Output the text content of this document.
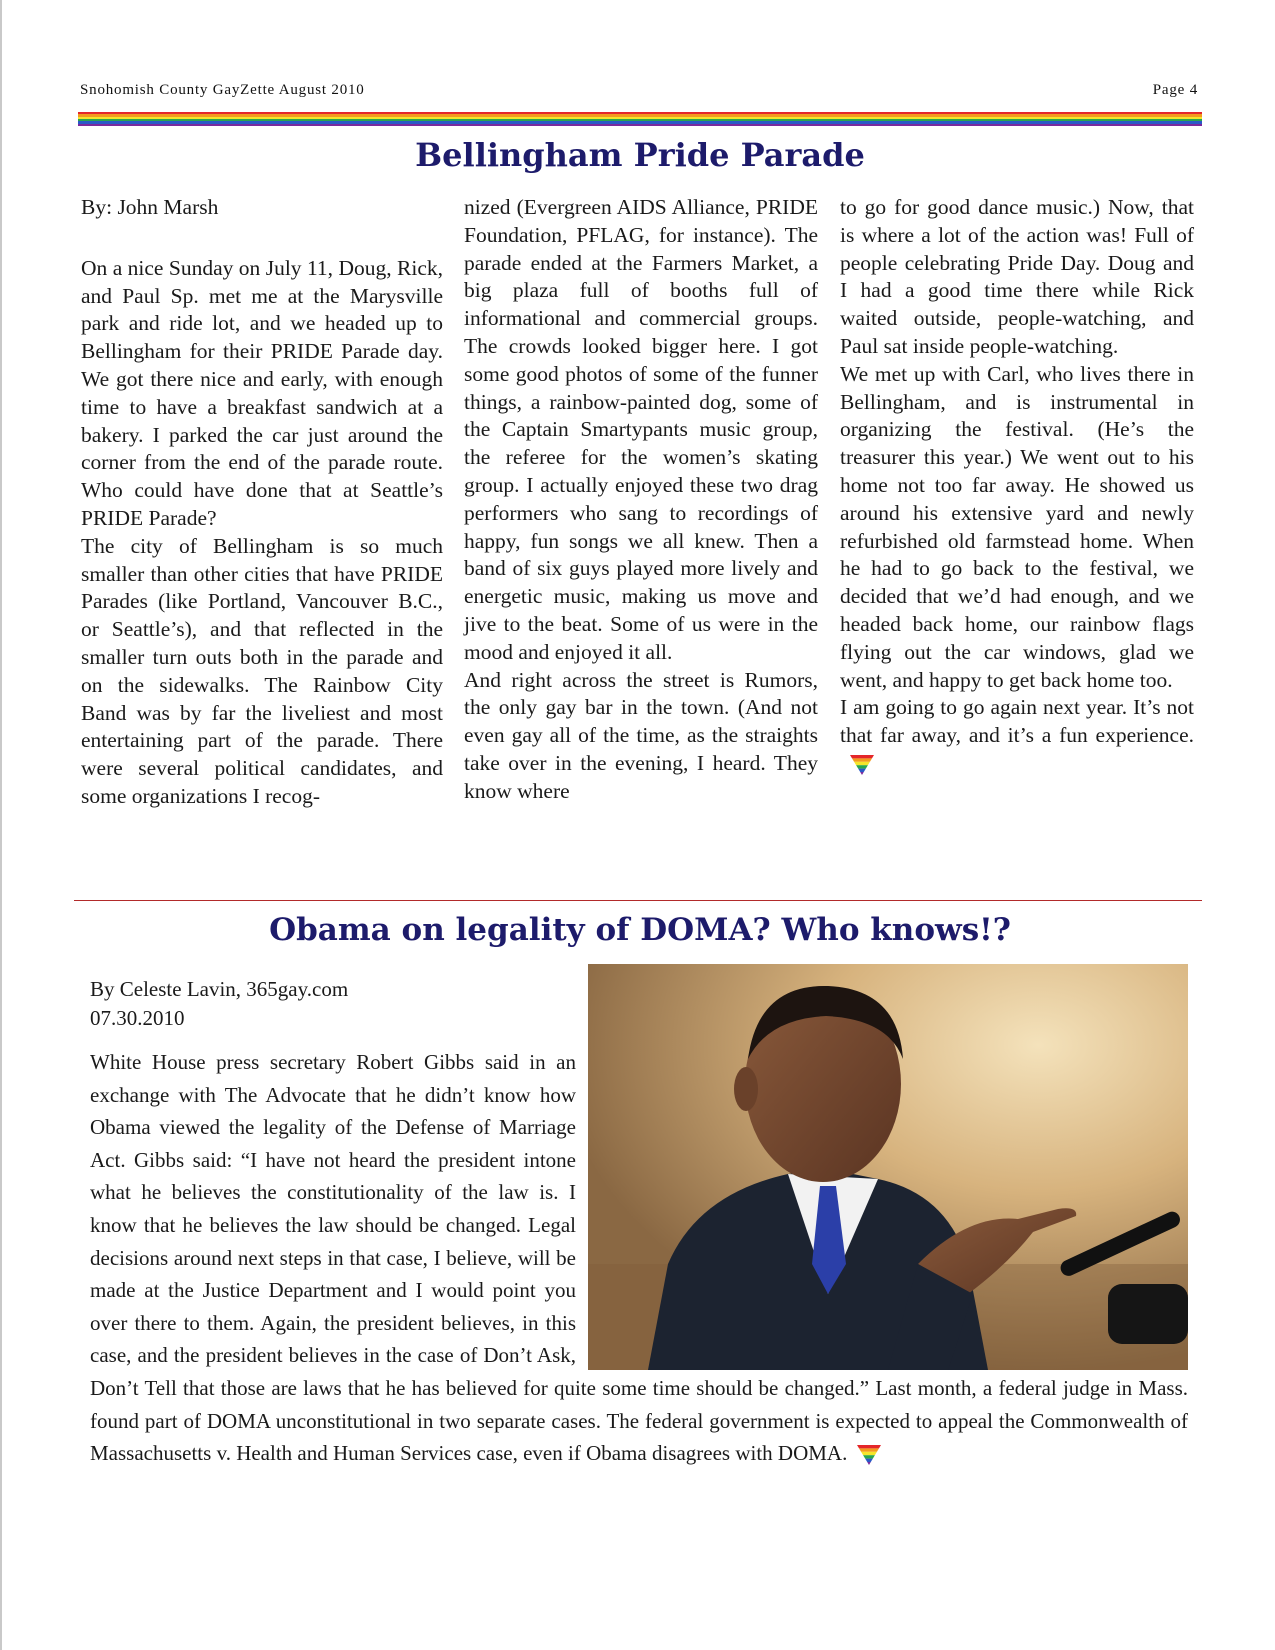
Snohomish County GayZette August 2010	Page 4
Bellingham Pride Parade

By: John Marsh

On a nice Sunday on July 11, Doug, Rick, and Paul Sp. met me at the Marysville park and ride lot, and we headed up to Bellingham for their PRIDE Parade day. We got there nice and early, with enough time to have a breakfast sandwich at a bakery. I parked the car just around the corner from the end of the parade route. Who could have done that at Seattle’s PRIDE Parade?

The city of Bellingham is so much smaller than other cities that have PRIDE Parades (like Portland, Vancouver B.C., or Seattle’s), and that reflected in the smaller turn outs both in the parade and on the sidewalks. The Rainbow City Band was by far the liveliest and most entertaining part of the parade. There were several political candidates, and some organizations I recog-

nized (Evergreen AIDS Alliance, PRIDE Foundation, PFLAG, for instance). The parade ended at the Farmers Market, a big plaza full of booths full of informational and commercial groups. The crowds looked bigger here. I got some good photos of some of the funner things, a rainbow-painted dog, some of the Captain Smartypants music group, the referee for the women’s skating group. I actually enjoyed these two drag performers who sang to recordings of happy, fun songs we all knew. Then a band of six guys played more lively and energetic music, making us move and jive to the beat. Some of us were in the mood and enjoyed it all.

And right across the street is Rumors, the only gay bar in the town. (And not even gay all of the time, as the straights take over in the evening, I heard. They know where

to go for good dance music.) Now, that is where a lot of the action was! Full of people celebrating Pride Day. Doug and I had a good time there while Rick waited outside, people-watching, and Paul sat inside people-watching.

We met up with Carl, who lives there in Bellingham, and is instrumental in organizing the festival. (He’s the treasurer this year.) We went out to his home not too far away. He showed us around his extensive yard and newly refurbished old farmstead home. When he had to go back to the festival, we decided that we’d had enough, and we headed back home, our rainbow flags flying out the car windows, glad we went, and happy to get back home too.

I am going to go again next year. It’s not that far away, and it’s a fun experience.

Obama on legality of DOMA? Who knows!?
By Celeste Lavin, 365gay.com
07.30.2010

White House press secretary Robert Gibbs said in an exchange with The Advocate that he didn’t know how Obama viewed the legality of the Defense of Marriage Act. Gibbs said: “I have not heard the president intone what he believes the constitutionality of the law is. I know that he believes the law should be changed. Legal decisions around next steps in that case, I believe, will be made at the Justice Department and I would point you over there to them. Again, the president believes, in this case, and the president believes in the case of Don’t Ask, Don’t Tell that those are laws that he has believed for quite some time should be changed.” Last month, a federal judge in Mass. found part of DOMA unconstitutional in two separate cases. The federal government is expected to appeal the Commonwealth of Massachusetts v. Health and Human Services case, even if Obama disagrees with DOMA.
